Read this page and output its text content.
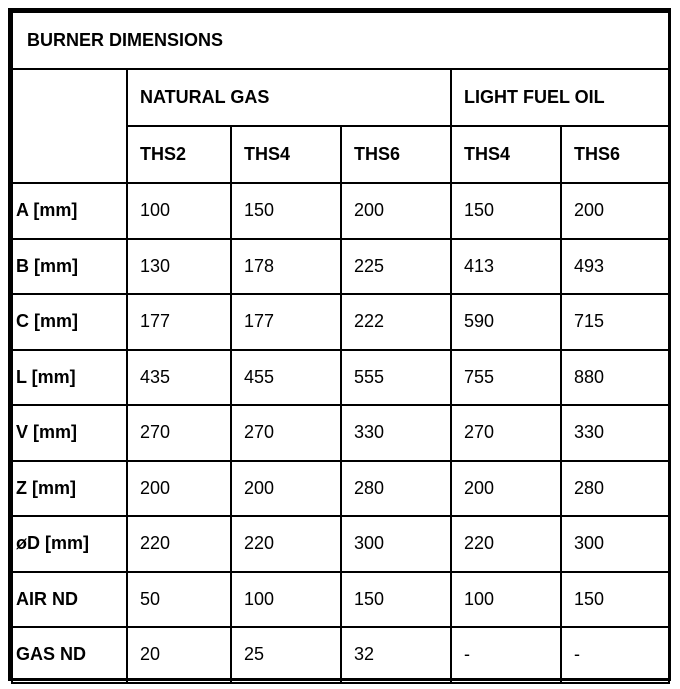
BURNER DIMENSIONS					
	NATURAL GAS			LIGHT FUEL OIL	
	THS2	THS4	THS6	THS4	THS6
A [mm]	100	150	200	150	200
B [mm]	130	178	225	413	493
C [mm]	177	177	222	590	715
L [mm]	435	455	555	755	880
V [mm]	270	270	330	270	330
Z [mm]	200	200	280	200	280
øD [mm]	220	220	300	220	300
AIR ND	50	100	150	100	150
GAS ND	20	25	32	-	-
